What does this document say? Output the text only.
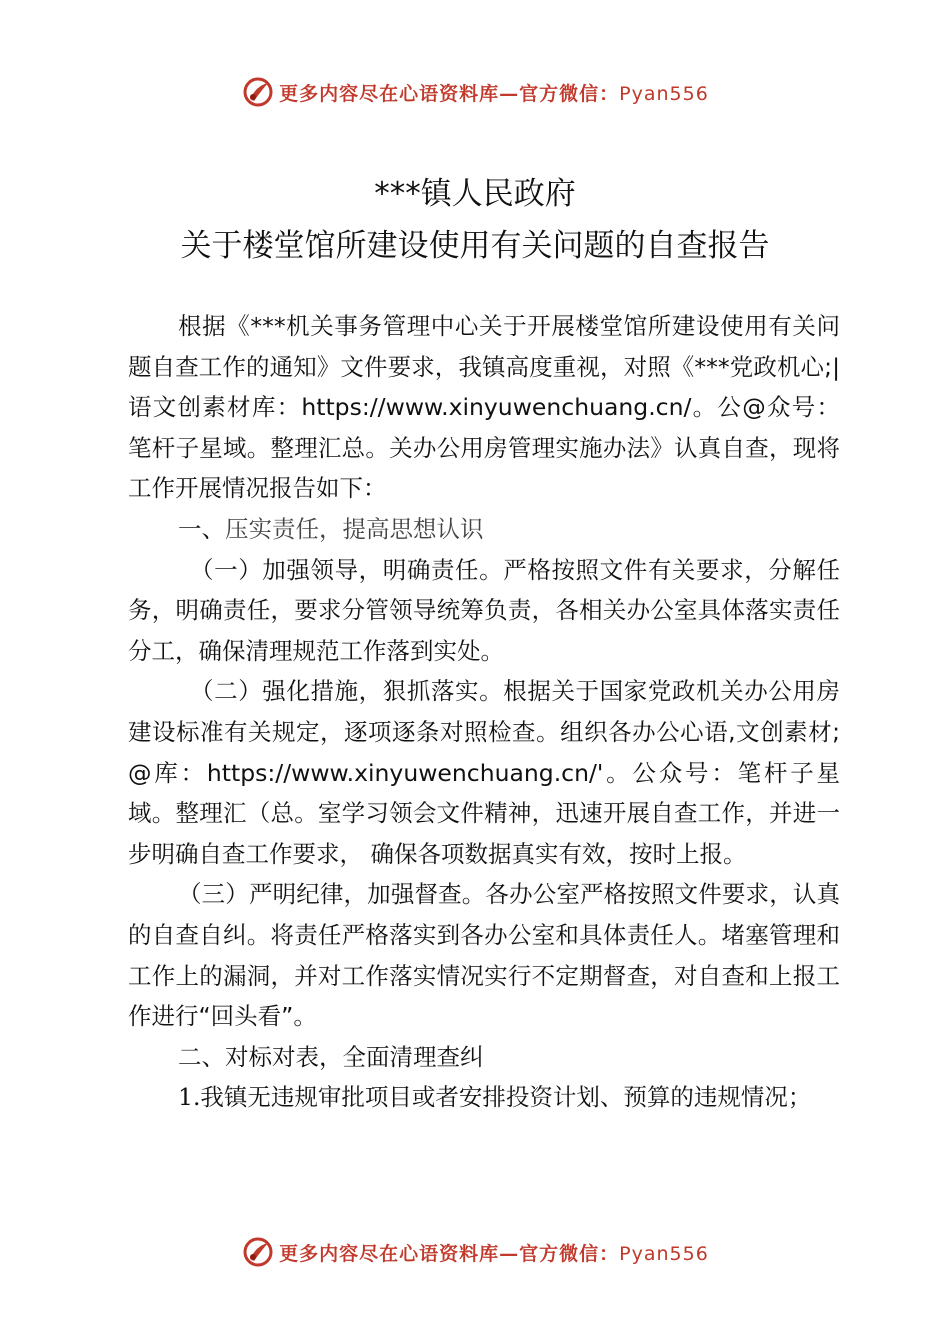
更多内容尽在心语资料库—官方微信：Pyan556
***镇人民政府
关于楼堂馆所建设使用有关问题的自查报告

根据《***机关事务管理中心关于开展楼堂馆所建设使用有关问题自查工作的通知》文件要求，我镇高度重视，对照《***党政机心;|语文创素材库：https://www.xinyuwenchuang.cn/。公@众号：笔杆子星域。整理汇总。关办公用房管理实施办法》认真自查，现将工作开展情况报告如下：

一、压实责任，提高思想认识

（一）加强领导，明确责任。严格按照文件有关要求，分解任务，明确责任，要求分管领导统筹负责，各相关办公室具体落实责任分工，确保清理规范工作落到实处。

（二）强化措施，狠抓落实。根据关于国家党政机关办公用房建设标准有关规定，逐项逐条对照检查。组织各办公心语,文创素材;@库：https://www.xinyuwenchuang.cn/'。公众号：笔杆子星域。整理汇（总。室学习领会文件精神，迅速开展自查工作，并进一步明确自查工作要求， 确保各项数据真实有效，按时上报。

（三）严明纪律，加强督查。各办公室严格按照文件要求，认真的自查自纠。将责任严格落实到各办公室和具体责任人。堵塞管理和工作上的漏洞，并对工作落实情况实行不定期督查，对自查和上报工作进行“回头看”。

二、对标对表，全面清理查纠

1.我镇无违规审批项目或者安排投资计划、预算的违规情况；

更多内容尽在心语资料库—官方微信：Pyan556
